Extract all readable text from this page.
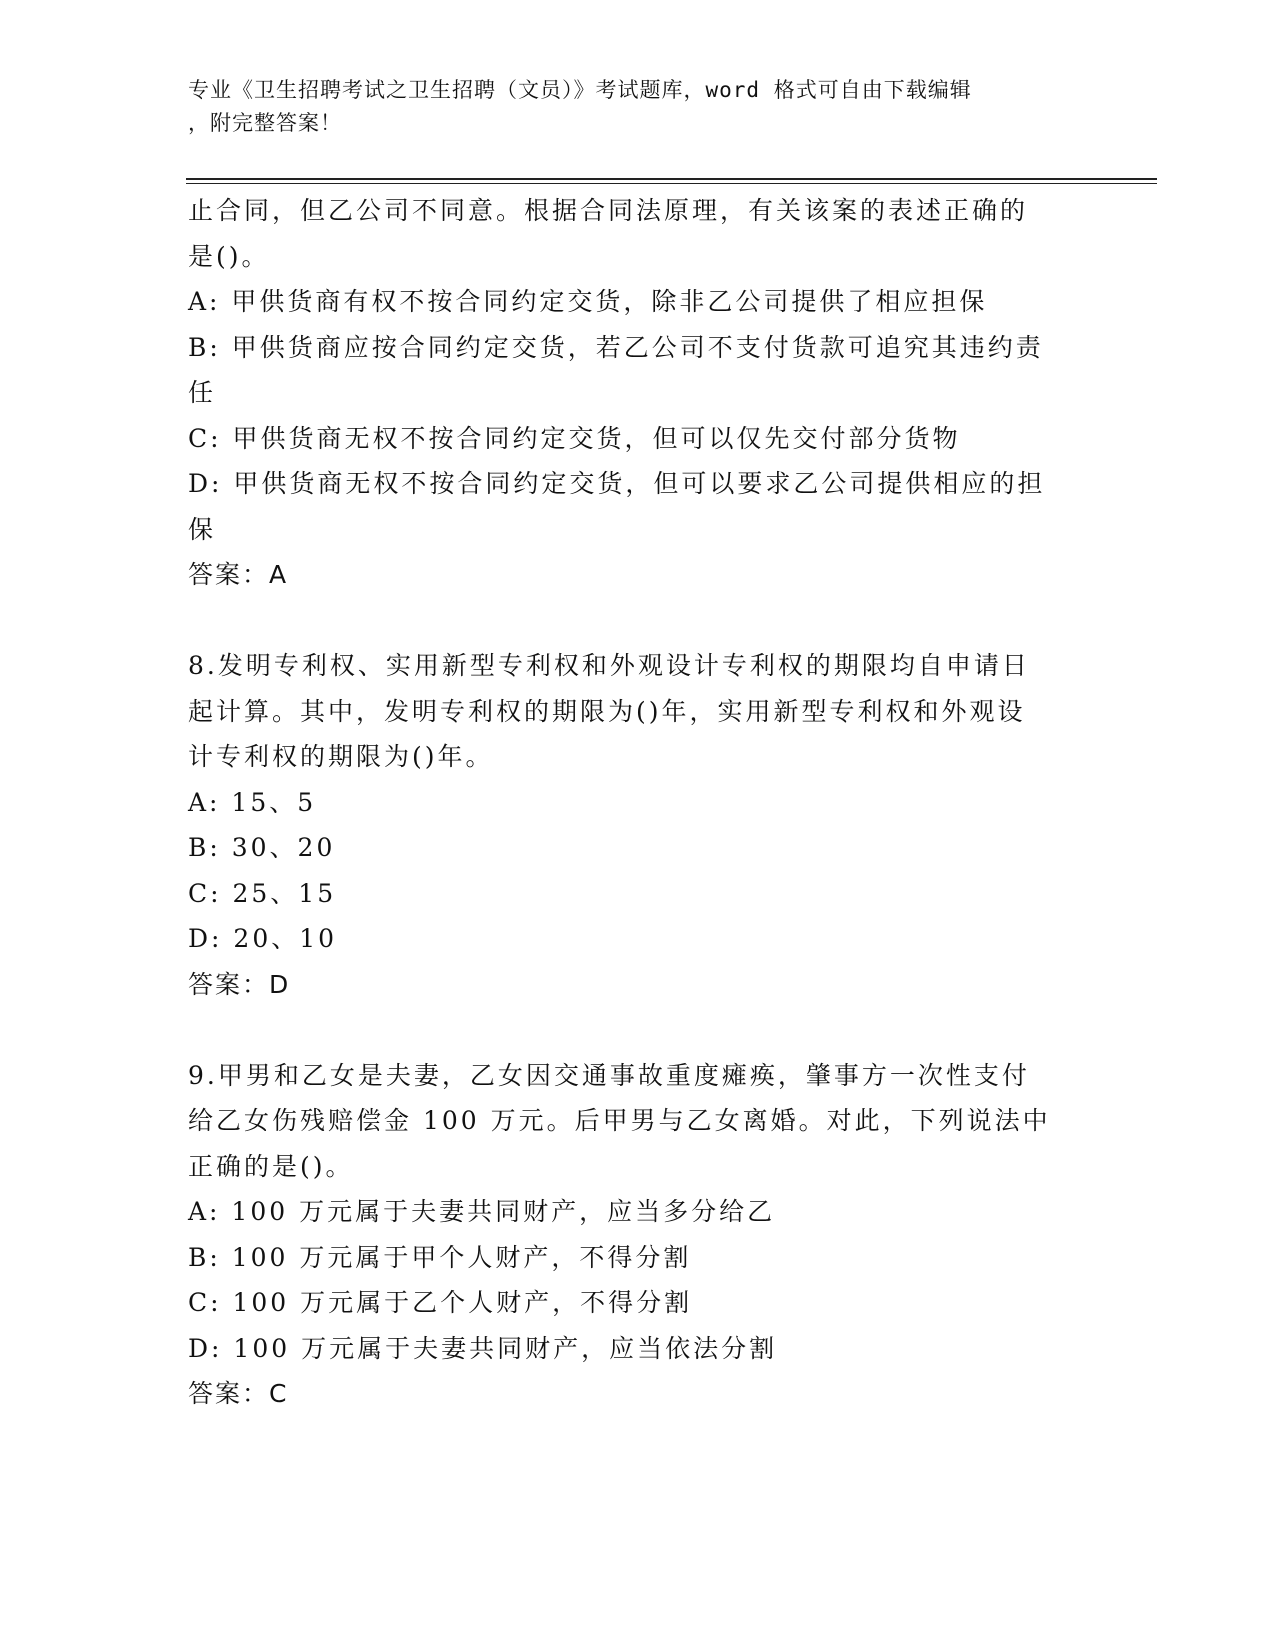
专业《卫生招聘考试之卫生招聘（文员）》考试题库，word 格式可自由下载编辑
，附完整答案！
止合同，但乙公司不同意。根据合同法原理，有关该案的表述正确的
是()。
A: 甲供货商有权不按合同约定交货，除非乙公司提供了相应担保
B: 甲供货商应按合同约定交货，若乙公司不支付货款可追究其违约责
任
C: 甲供货商无权不按合同约定交货，但可以仅先交付部分货物
D: 甲供货商无权不按合同约定交货，但可以要求乙公司提供相应的担
保
答案：A
8.发明专利权、实用新型专利权和外观设计专利权的期限均自申请日
起计算。其中，发明专利权的期限为()年，实用新型专利权和外观设
计专利权的期限为()年。
A: 15、5
B: 30、20
C: 25、15
D: 20、10
答案：D
9.甲男和乙女是夫妻，乙女因交通事故重度瘫痪，肇事方一次性支付
给乙女伤残赔偿金 100 万元。后甲男与乙女离婚。对此，下列说法中
正确的是()。
A: 100 万元属于夫妻共同财产，应当多分给乙
B: 100 万元属于甲个人财产，不得分割
C: 100 万元属于乙个人财产，不得分割
D: 100 万元属于夫妻共同财产，应当依法分割
答案：C
